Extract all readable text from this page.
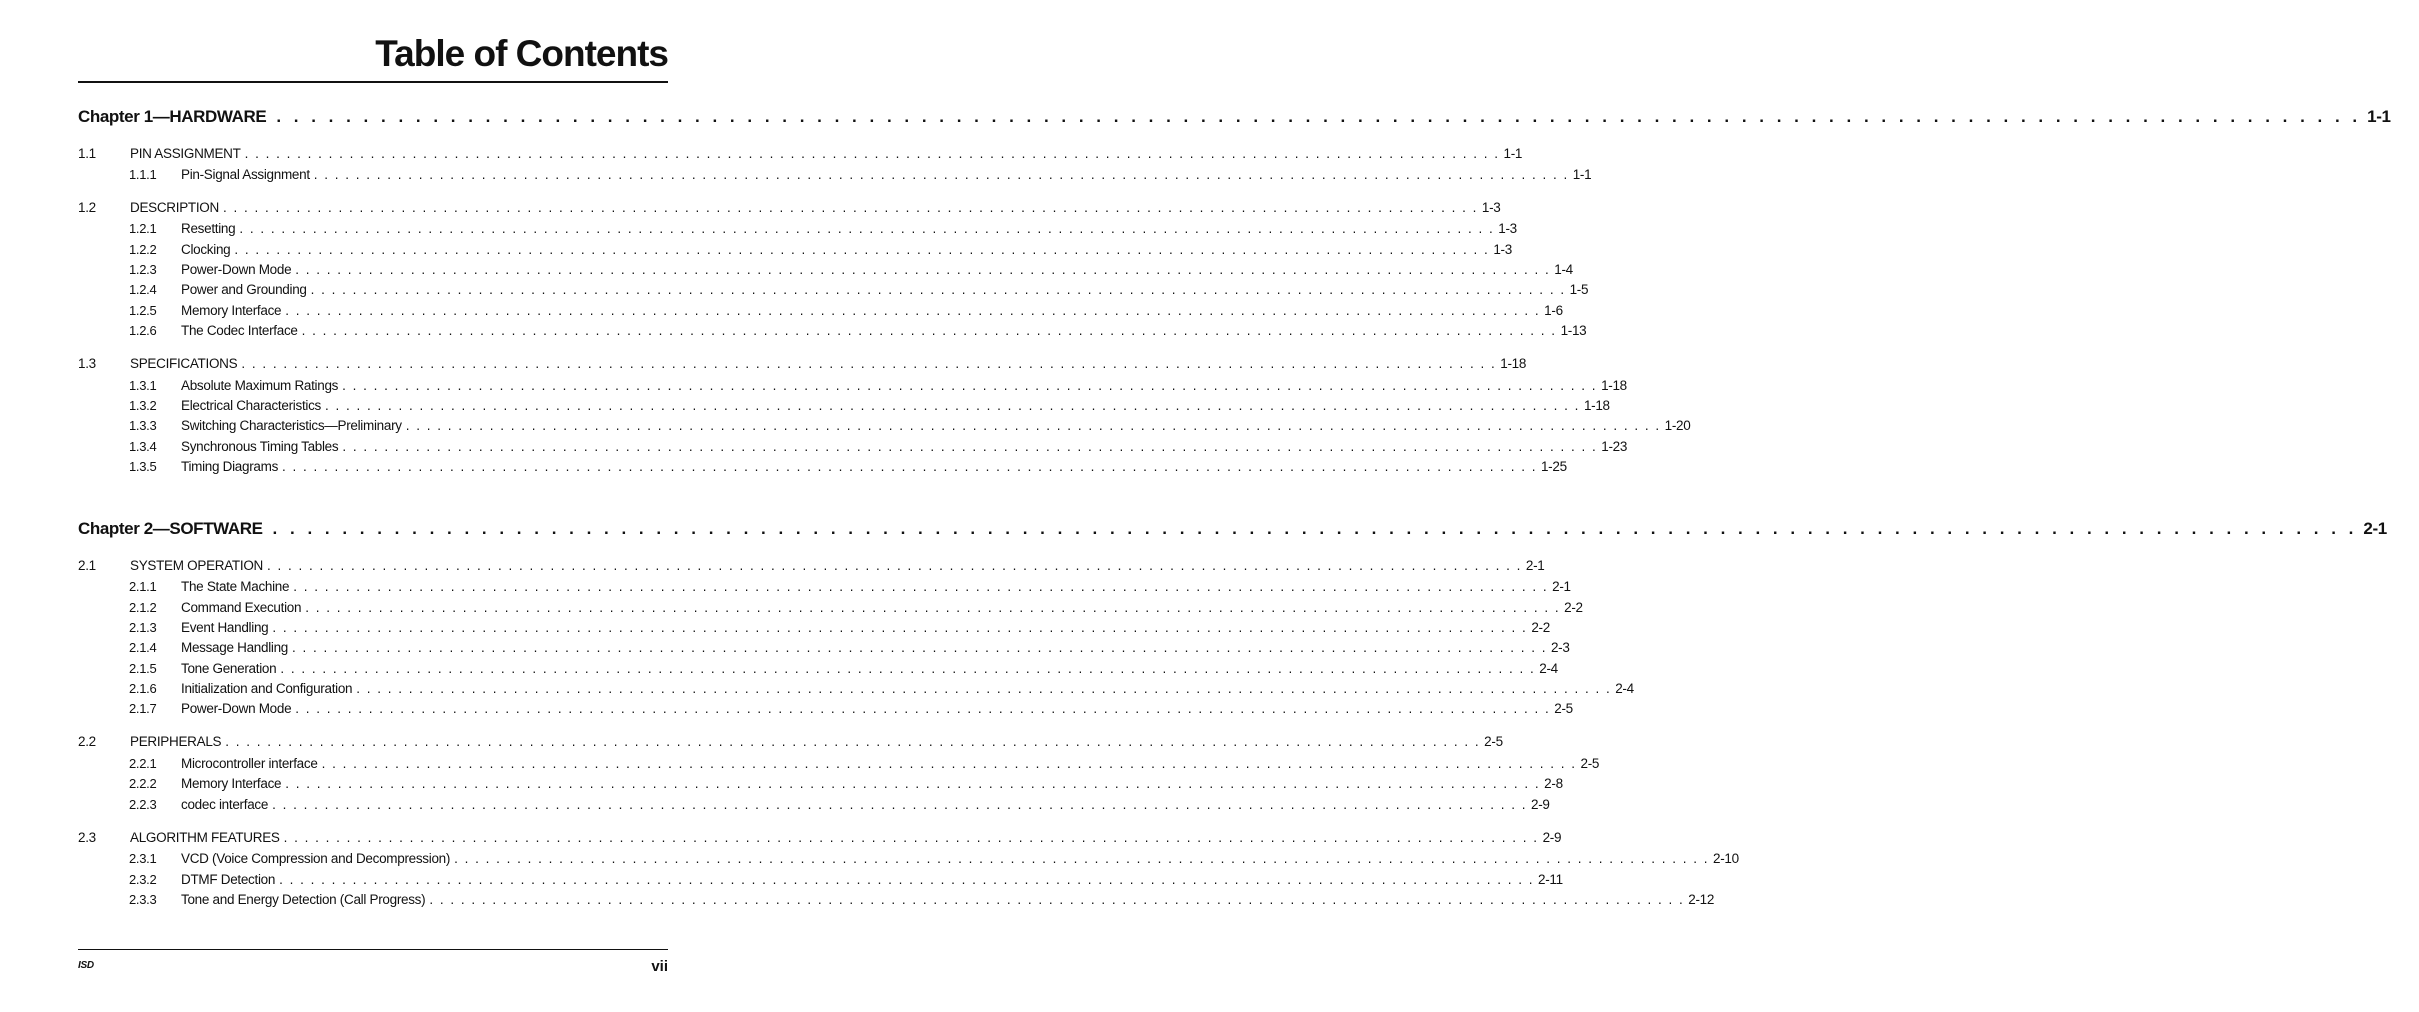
Table of Contents
Chapter 1—HARDWARE . . . . . . . . . . . . . . . . . . . . . . . . . . . . . . . . . . . . . . . . . . . . . . . . . . . . . . . . . . . . . . . . . . . . . . . . . . . . . . . . . . . . . . . . . . . . . . . . . . . . . . . . . . . . . . . . . . . . . . . . 1-1
1.1	PIN ASSIGNMENT . . . . . . . . . . . . . . . . . . . . . . . . . . . . . . . . . . . . . . . . . . . . . . . . . . . . . . . . . . . . . . . . . . . . . . . . . . . . . . . . . . . . . . . . . . . . . . . . . . . . . . . . . . . . . . . . . . . . . . . . 1-1
1.1.1	Pin-Signal Assignment . . . . . . . . . . . . . . . . . . . . . . . . . . . . . . . . . . . . . . . . . . . . . . . . . . . . . . . . . . . . . . . . . . . . . . . . . . . . . . . . . . . . . . . . . . . . . . . . . . . . . . . . . . . . . . . . . . . . . . . . 1-1
1.2	DESCRIPTION . . . . . . . . . . . . . . . . . . . . . . . . . . . . . . . . . . . . . . . . . . . . . . . . . . . . . . . . . . . . . . . . . . . . . . . . . . . . . . . . . . . . . . . . . . . . . . . . . . . . . . . . . . . . . . . . . . . . . . . . 1-3
1.2.1	Resetting . . . . . . . . . . . . . . . . . . . . . . . . . . . . . . . . . . . . . . . . . . . . . . . . . . . . . . . . . . . . . . . . . . . . . . . . . . . . . . . . . . . . . . . . . . . . . . . . . . . . . . . . . . . . . . . . . . . . . . . . 1-3
1.2.2	Clocking . . . . . . . . . . . . . . . . . . . . . . . . . . . . . . . . . . . . . . . . . . . . . . . . . . . . . . . . . . . . . . . . . . . . . . . . . . . . . . . . . . . . . . . . . . . . . . . . . . . . . . . . . . . . . . . . . . . . . . . . 1-3
1.2.3	Power-Down Mode . . . . . . . . . . . . . . . . . . . . . . . . . . . . . . . . . . . . . . . . . . . . . . . . . . . . . . . . . . . . . . . . . . . . . . . . . . . . . . . . . . . . . . . . . . . . . . . . . . . . . . . . . . . . . . . . . . . . . . . . 1-4
1.2.4	Power and Grounding . . . . . . . . . . . . . . . . . . . . . . . . . . . . . . . . . . . . . . . . . . . . . . . . . . . . . . . . . . . . . . . . . . . . . . . . . . . . . . . . . . . . . . . . . . . . . . . . . . . . . . . . . . . . . . . . . . . . . . . . 1-5
1.2.5	Memory Interface . . . . . . . . . . . . . . . . . . . . . . . . . . . . . . . . . . . . . . . . . . . . . . . . . . . . . . . . . . . . . . . . . . . . . . . . . . . . . . . . . . . . . . . . . . . . . . . . . . . . . . . . . . . . . . . . . . . . . . . . 1-6
1.2.6	The Codec Interface . . . . . . . . . . . . . . . . . . . . . . . . . . . . . . . . . . . . . . . . . . . . . . . . . . . . . . . . . . . . . . . . . . . . . . . . . . . . . . . . . . . . . . . . . . . . . . . . . . . . . . . . . . . . . . . . . . . . . . . . 1-13
1.3	SPECIFICATIONS . . . . . . . . . . . . . . . . . . . . . . . . . . . . . . . . . . . . . . . . . . . . . . . . . . . . . . . . . . . . . . . . . . . . . . . . . . . . . . . . . . . . . . . . . . . . . . . . . . . . . . . . . . . . . . . . . . . . . . . . 1-18
1.3.1	Absolute Maximum Ratings . . . . . . . . . . . . . . . . . . . . . . . . . . . . . . . . . . . . . . . . . . . . . . . . . . . . . . . . . . . . . . . . . . . . . . . . . . . . . . . . . . . . . . . . . . . . . . . . . . . . . . . . . . . . . . . . . . . . . . . . 1-18
1.3.2	Electrical Characteristics . . . . . . . . . . . . . . . . . . . . . . . . . . . . . . . . . . . . . . . . . . . . . . . . . . . . . . . . . . . . . . . . . . . . . . . . . . . . . . . . . . . . . . . . . . . . . . . . . . . . . . . . . . . . . . . . . . . . . . . . 1-18
1.3.3	Switching Characteristics—Preliminary . . . . . . . . . . . . . . . . . . . . . . . . . . . . . . . . . . . . . . . . . . . . . . . . . . . . . . . . . . . . . . . . . . . . . . . . . . . . . . . . . . . . . . . . . . . . . . . . . . . . . . . . . . . . . . . . . . . . . . . . 1-20
1.3.4	Synchronous Timing Tables . . . . . . . . . . . . . . . . . . . . . . . . . . . . . . . . . . . . . . . . . . . . . . . . . . . . . . . . . . . . . . . . . . . . . . . . . . . . . . . . . . . . . . . . . . . . . . . . . . . . . . . . . . . . . . . . . . . . . . . . 1-23
1.3.5	Timing Diagrams . . . . . . . . . . . . . . . . . . . . . . . . . . . . . . . . . . . . . . . . . . . . . . . . . . . . . . . . . . . . . . . . . . . . . . . . . . . . . . . . . . . . . . . . . . . . . . . . . . . . . . . . . . . . . . . . . . . . . . . . 1-25
Chapter 2—SOFTWARE . . . . . . . . . . . . . . . . . . . . . . . . . . . . . . . . . . . . . . . . . . . . . . . . . . . . . . . . . . . . . . . . . . . . . . . . . . . . . . . . . . . . . . . . . . . . . . . . . . . . . . . . . . . . . . . . . . . . . . . . 2-1
2.1	SYSTEM OPERATION . . . . . . . . . . . . . . . . . . . . . . . . . . . . . . . . . . . . . . . . . . . . . . . . . . . . . . . . . . . . . . . . . . . . . . . . . . . . . . . . . . . . . . . . . . . . . . . . . . . . . . . . . . . . . . . . . . . . . . . . 2-1
2.1.1	The State Machine . . . . . . . . . . . . . . . . . . . . . . . . . . . . . . . . . . . . . . . . . . . . . . . . . . . . . . . . . . . . . . . . . . . . . . . . . . . . . . . . . . . . . . . . . . . . . . . . . . . . . . . . . . . . . . . . . . . . . . . . 2-1
2.1.2	Command Execution . . . . . . . . . . . . . . . . . . . . . . . . . . . . . . . . . . . . . . . . . . . . . . . . . . . . . . . . . . . . . . . . . . . . . . . . . . . . . . . . . . . . . . . . . . . . . . . . . . . . . . . . . . . . . . . . . . . . . . . . 2-2
2.1.3	Event Handling . . . . . . . . . . . . . . . . . . . . . . . . . . . . . . . . . . . . . . . . . . . . . . . . . . . . . . . . . . . . . . . . . . . . . . . . . . . . . . . . . . . . . . . . . . . . . . . . . . . . . . . . . . . . . . . . . . . . . . . . 2-2
2.1.4	Message Handling . . . . . . . . . . . . . . . . . . . . . . . . . . . . . . . . . . . . . . . . . . . . . . . . . . . . . . . . . . . . . . . . . . . . . . . . . . . . . . . . . . . . . . . . . . . . . . . . . . . . . . . . . . . . . . . . . . . . . . . . 2-3
2.1.5	Tone Generation . . . . . . . . . . . . . . . . . . . . . . . . . . . . . . . . . . . . . . . . . . . . . . . . . . . . . . . . . . . . . . . . . . . . . . . . . . . . . . . . . . . . . . . . . . . . . . . . . . . . . . . . . . . . . . . . . . . . . . . . 2-4
2.1.6	Initialization and Configuration . . . . . . . . . . . . . . . . . . . . . . . . . . . . . . . . . . . . . . . . . . . . . . . . . . . . . . . . . . . . . . . . . . . . . . . . . . . . . . . . . . . . . . . . . . . . . . . . . . . . . . . . . . . . . . . . . . . . . . . . 2-4
2.1.7	Power-Down Mode . . . . . . . . . . . . . . . . . . . . . . . . . . . . . . . . . . . . . . . . . . . . . . . . . . . . . . . . . . . . . . . . . . . . . . . . . . . . . . . . . . . . . . . . . . . . . . . . . . . . . . . . . . . . . . . . . . . . . . . . 2-5
2.2	PERIPHERALS . . . . . . . . . . . . . . . . . . . . . . . . . . . . . . . . . . . . . . . . . . . . . . . . . . . . . . . . . . . . . . . . . . . . . . . . . . . . . . . . . . . . . . . . . . . . . . . . . . . . . . . . . . . . . . . . . . . . . . . . 2-5
2.2.1	Microcontroller interface . . . . . . . . . . . . . . . . . . . . . . . . . . . . . . . . . . . . . . . . . . . . . . . . . . . . . . . . . . . . . . . . . . . . . . . . . . . . . . . . . . . . . . . . . . . . . . . . . . . . . . . . . . . . . . . . . . . . . . . . 2-5
2.2.2	Memory Interface . . . . . . . . . . . . . . . . . . . . . . . . . . . . . . . . . . . . . . . . . . . . . . . . . . . . . . . . . . . . . . . . . . . . . . . . . . . . . . . . . . . . . . . . . . . . . . . . . . . . . . . . . . . . . . . . . . . . . . . . 2-8
2.2.3	codec interface . . . . . . . . . . . . . . . . . . . . . . . . . . . . . . . . . . . . . . . . . . . . . . . . . . . . . . . . . . . . . . . . . . . . . . . . . . . . . . . . . . . . . . . . . . . . . . . . . . . . . . . . . . . . . . . . . . . . . . . . 2-9
2.3	ALGORITHM FEATURES . . . . . . . . . . . . . . . . . . . . . . . . . . . . . . . . . . . . . . . . . . . . . . . . . . . . . . . . . . . . . . . . . . . . . . . . . . . . . . . . . . . . . . . . . . . . . . . . . . . . . . . . . . . . . . . . . . . . . . . . 2-9
2.3.1	VCD (Voice Compression and Decompression) . . . . . . . . . . . . . . . . . . . . . . . . . . . . . . . . . . . . . . . . . . . . . . . . . . . . . . . . . . . . . . . . . . . . . . . . . . . . . . . . . . . . . . . . . . . . . . . . . . . . . . . . . . . . . . . . . . . . . . . . 2-10
2.3.2	DTMF Detection . . . . . . . . . . . . . . . . . . . . . . . . . . . . . . . . . . . . . . . . . . . . . . . . . . . . . . . . . . . . . . . . . . . . . . . . . . . . . . . . . . . . . . . . . . . . . . . . . . . . . . . . . . . . . . . . . . . . . . . . 2-11
2.3.3	Tone and Energy Detection (Call Progress) . . . . . . . . . . . . . . . . . . . . . . . . . . . . . . . . . . . . . . . . . . . . . . . . . . . . . . . . . . . . . . . . . . . . . . . . . . . . . . . . . . . . . . . . . . . . . . . . . . . . . . . . . . . . . . . . . . . . . . . . 2-12
ISD	vii
